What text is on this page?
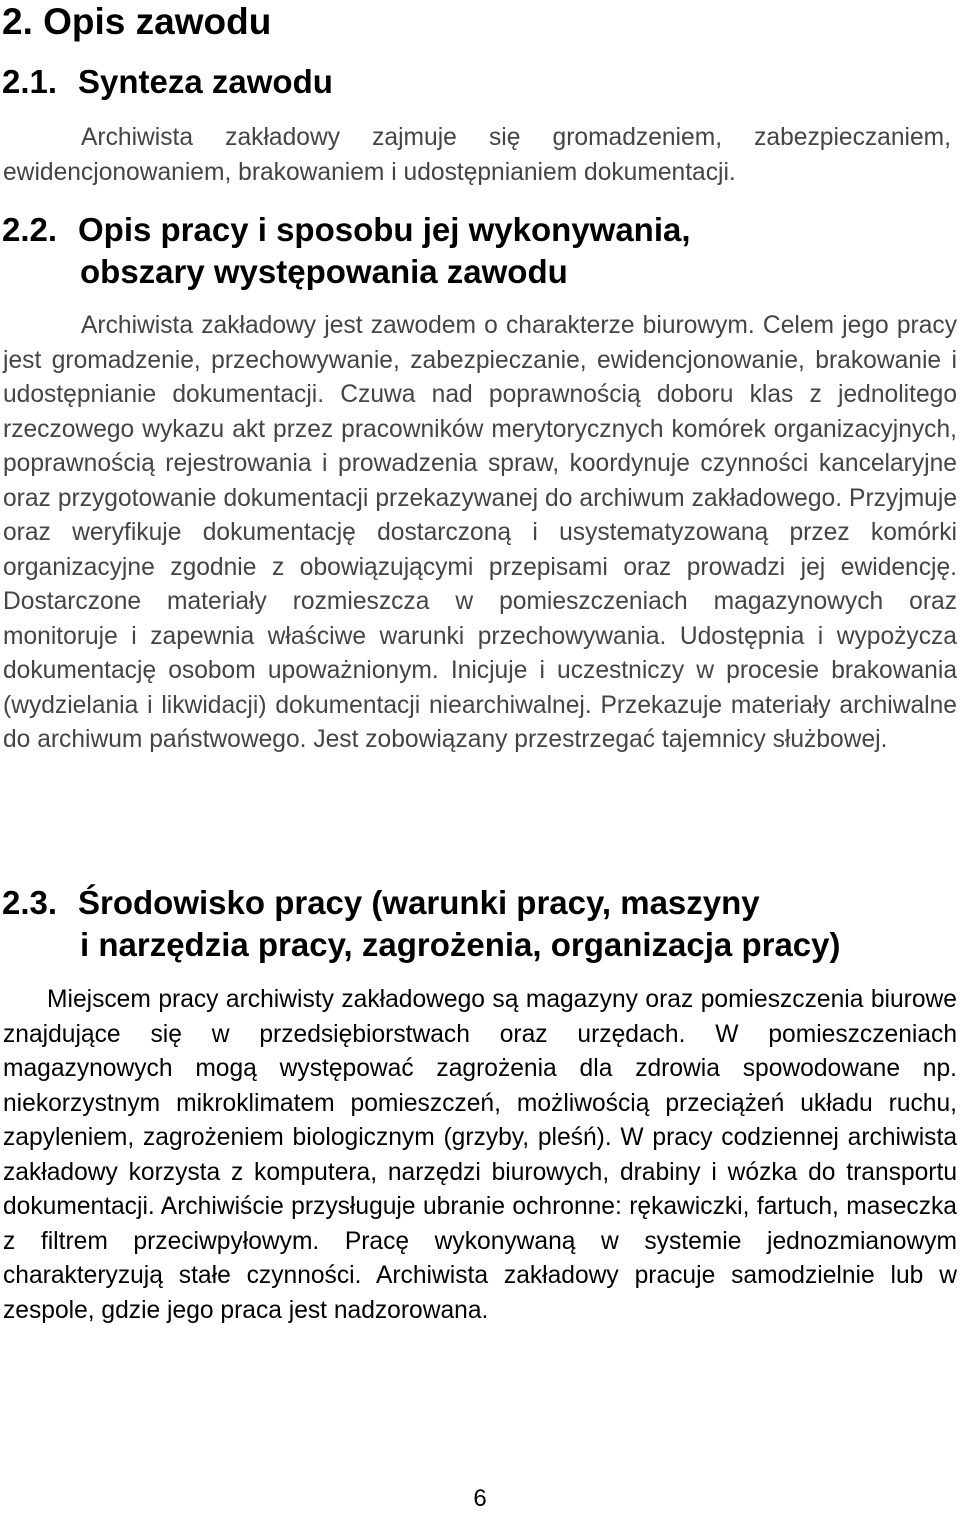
2. Opis zawodu
2.1. Synteza zawodu

Archiwista zakładowy zajmuje się gromadzeniem, zabezpieczaniem, ewidencjonowaniem, brakowaniem i udostępnianiem dokumentacji.

2.2. Opis pracy i sposobu jej wykonywania,
obszary występowania zawodu

Archiwista zakładowy jest zawodem o charakterze biurowym. Celem jego pracy jest gromadzenie, przechowywanie, zabezpieczanie, ewidencjonowanie, brakowanie i udostępnianie dokumentacji. Czuwa nad poprawnością doboru klas z jednolitego rzeczowego wykazu akt przez pracowników merytorycznych komórek organizacyjnych, poprawnością rejestrowania i prowadzenia spraw, koordynuje czynności kancelaryjne oraz przygotowanie dokumentacji przekazywanej do archiwum zakładowego. Przyjmuje oraz weryfikuje dokumentację dostarczoną i usystematyzowaną przez komórki organizacyjne zgodnie z obowiązującymi przepisami oraz prowadzi jej ewidencję. Dostarczone materiały rozmieszcza w pomieszczeniach magazynowych oraz monitoruje i zapewnia właściwe warunki przechowywania. Udostępnia i wypożycza dokumentację osobom upoważnionym. Inicjuje i uczestniczy w procesie brakowania (wydzielania i likwidacji) dokumentacji niearchiwalnej. Przekazuje materiały archiwalne do archiwum państwowego. Jest zobowiązany przestrzegać tajemnicy służbowej.

2.3. Środowisko pracy (warunki pracy, maszyny
i narzędzia pracy, zagrożenia, organizacja pracy)

Miejscem pracy archiwisty zakładowego są magazyny oraz pomieszczenia biurowe znajdujące się w przedsiębiorstwach oraz urzędach. W pomieszczeniach magazynowych mogą występować zagrożenia dla zdrowia spowodowane np. niekorzystnym mikroklimatem pomieszczeń, możliwością przeciążeń układu ruchu, zapyleniem, zagrożeniem biologicznym (grzyby, pleśń). W pracy codziennej archiwista zakładowy korzysta z komputera, narzędzi biurowych, drabiny i wózka do transportu dokumentacji. Archiwiście przysługuje ubranie ochronne: rękawiczki, fartuch, maseczka z filtrem przeciwpyłowym. Pracę wykonywaną w systemie jednozmianowym charakteryzują stałe czynności. Archiwista zakładowy pracuje samodzielnie lub w zespole, gdzie jego praca jest nadzorowana.

6
